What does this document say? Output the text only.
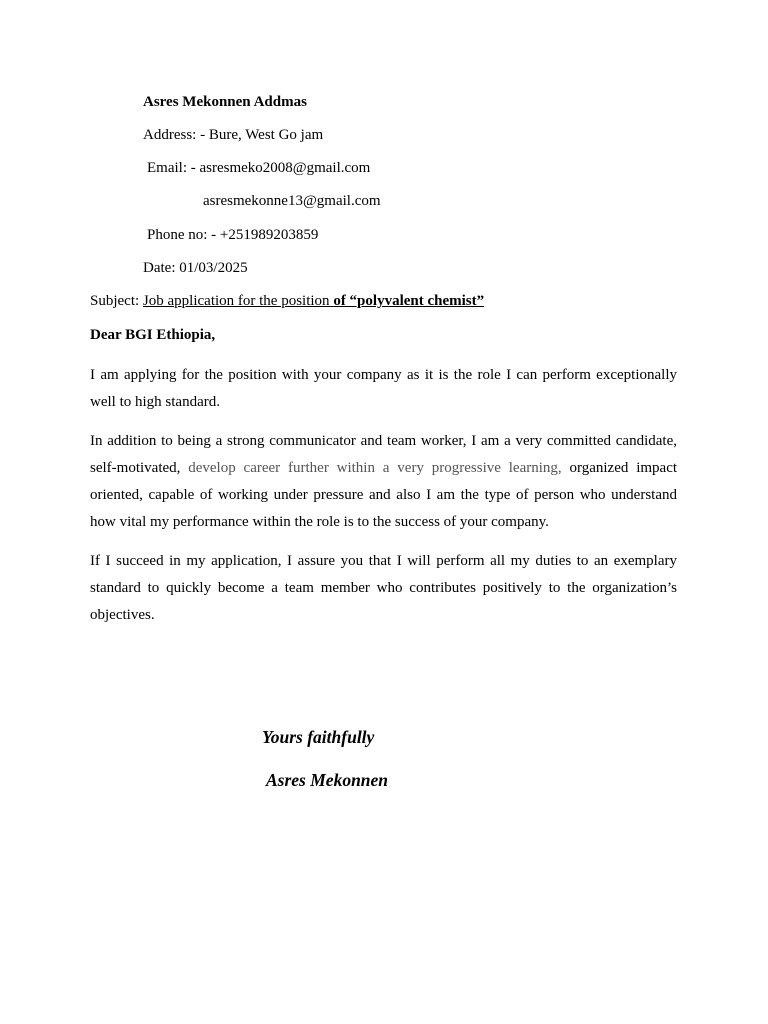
Asres Mekonnen Addmas
Address: - Bure, West Go jam
Email: - asresmeko2008@gmail.com
asresmekonne13@gmail.com
Phone no: - +251989203859
Date: 01/03/2025
Subject: Job application for the position of “polyvalent chemist”
Dear BGI Ethiopia,

I am applying for the position with your company as it is the role I can perform exceptionally well to high standard.

In addition to being a strong communicator and team worker, I am a very committed candidate, self-motivated, develop career further within a very progressive learning, organized impact oriented, capable of working under pressure and also I am the type of person who understand how vital my performance within the role is to the success of your company.

If I succeed in my application, I assure you that I will perform all my duties to an exemplary standard to quickly become a team member who contributes positively to the organization’s objectives.

Yours faithfully
Asres Mekonnen
